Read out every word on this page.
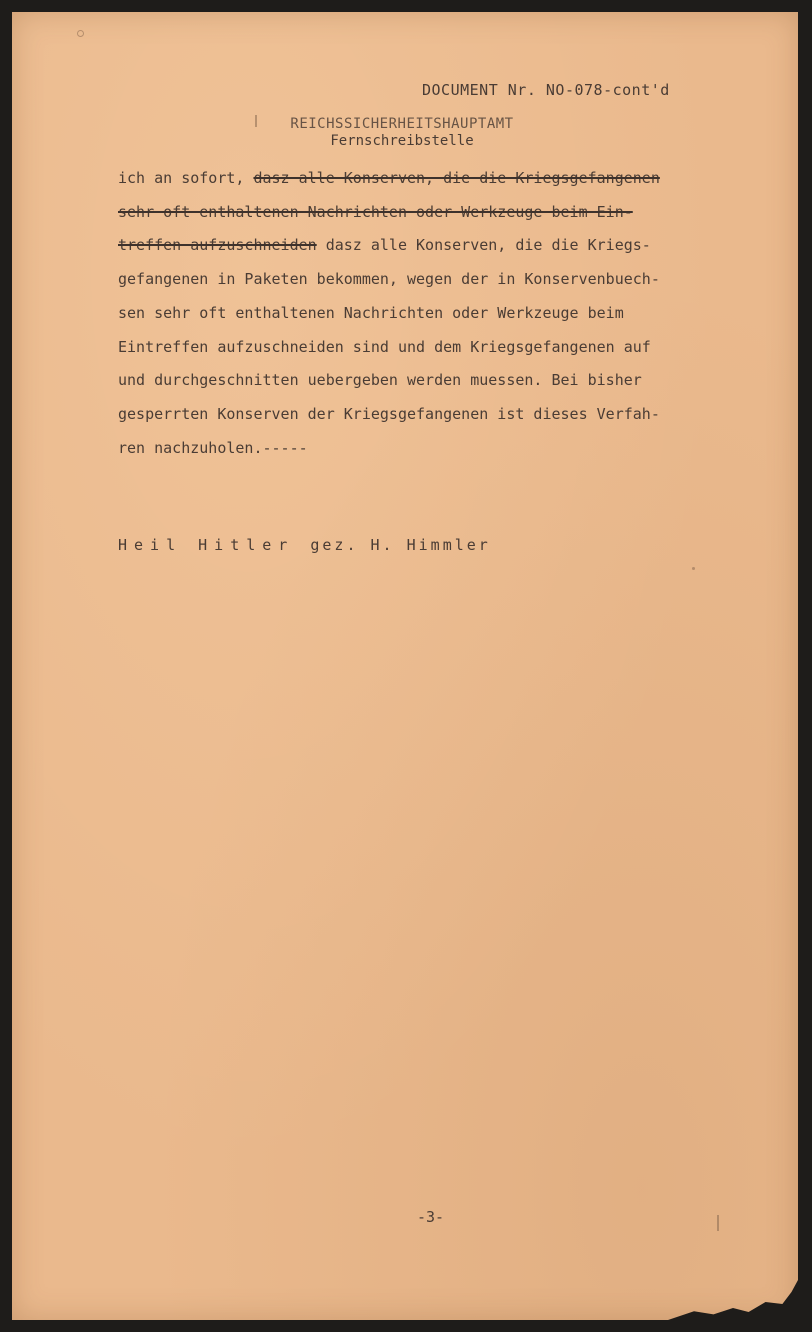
DOCUMENT Nr. NO-078-cont'd
REICHSSICHERHEITSHAUPTAMT
Fernschreibstelle
ich an sofort, dasz alle Konserven, die die Kriegsgefangenen
sehr oft enthaltenen Nachrichten oder Werkzeuge beim Ein-
treffen aufzuschneiden dasz alle Konserven, die die Kriegs-
gefangenen in Paketen bekommen, wegen der in Konservenbuech-
sen sehr oft enthaltenen Nachrichten oder Werkzeuge beim
Eintreffen aufzuschneiden sind und dem Kriegsgefangenen auf
und durchgeschnitten uebergeben werden muessen. Bei bisher
gesperrten Konserven der Kriegsgefangenen ist dieses Verfah-
ren nachzuholen.-----
Heil Hitler gez. H. Himmler
-3-
